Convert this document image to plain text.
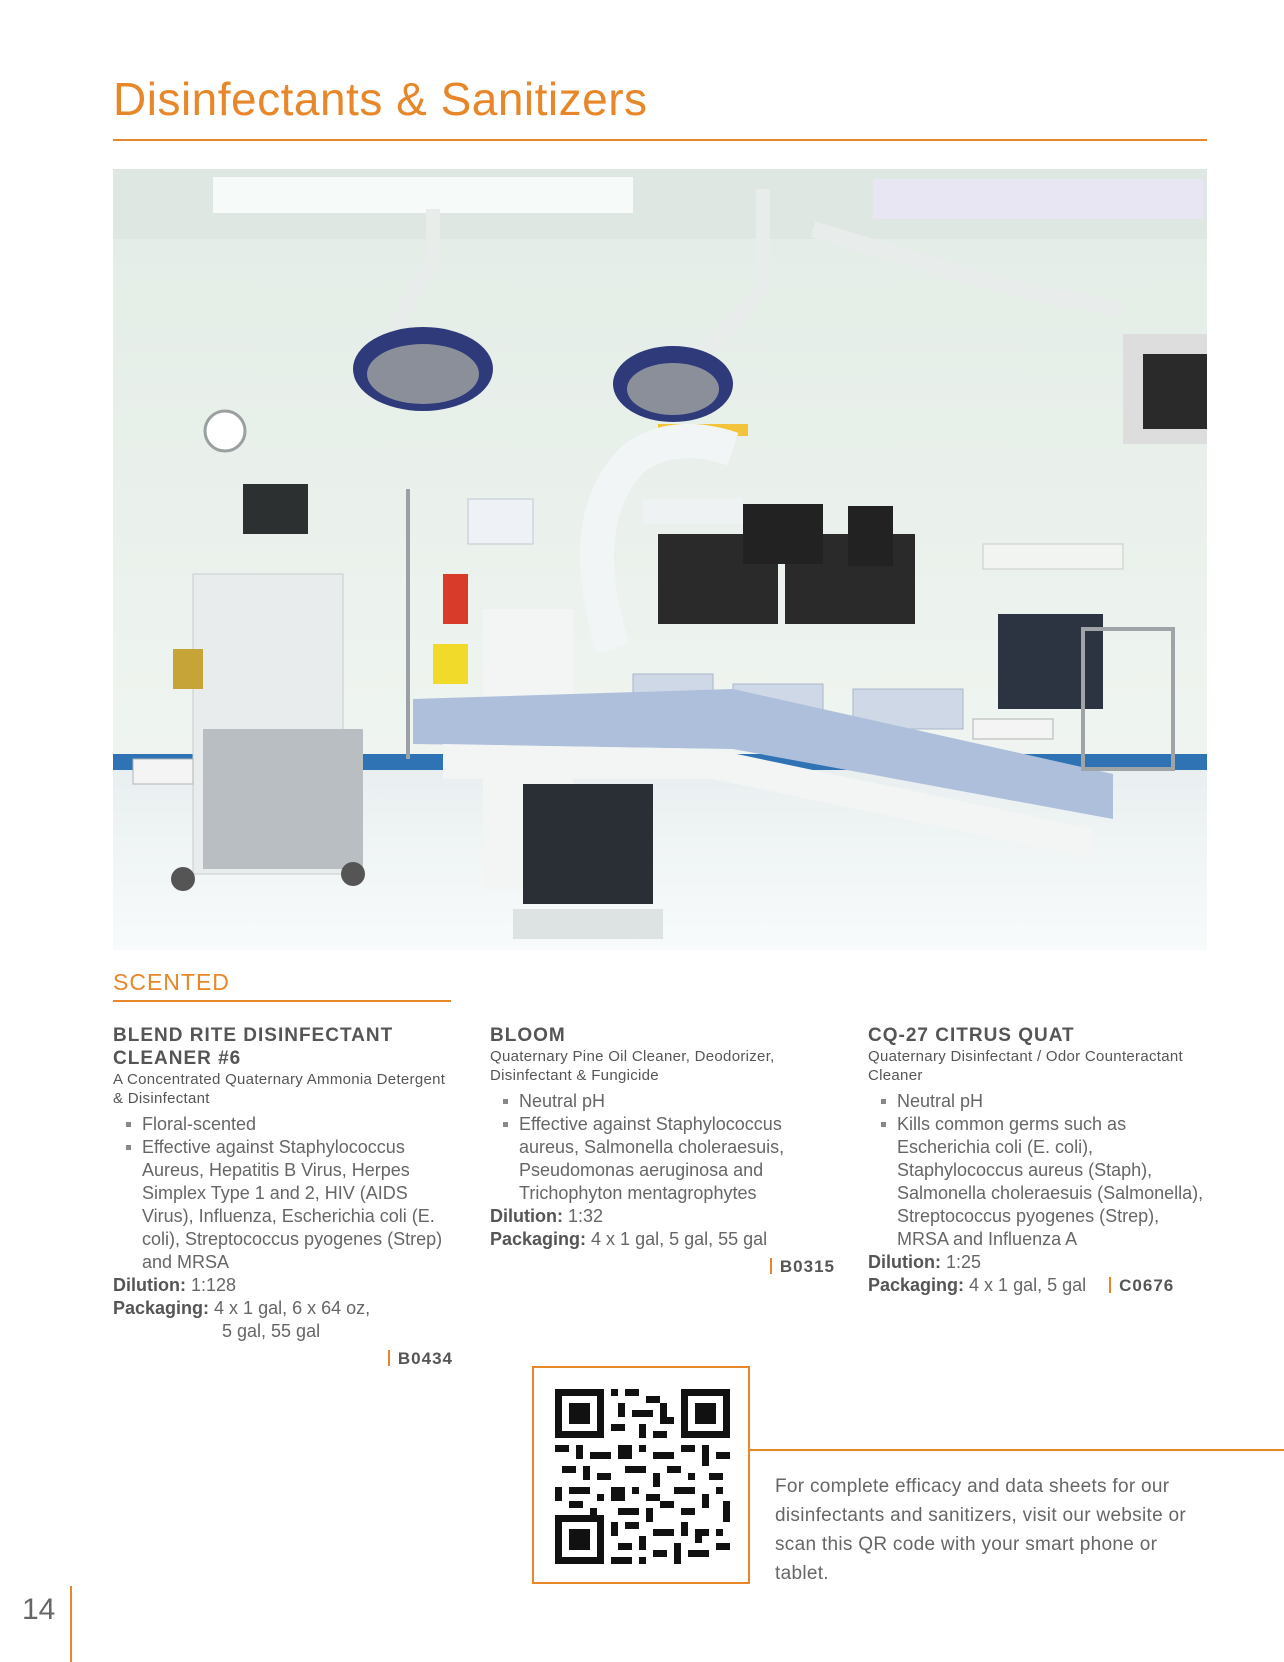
Disinfectants & Sanitizers
SCENTED
BLEND RITE DISINFECTANT CLEANER #6

A Concentrated Quaternary Ammonia Detergent & Disinfectant

Floral-scented
Effective against Staphylococcus Aureus, Hepatitis B Virus, Herpes Simplex Type 1 and 2, HIV (AIDS Virus), Influenza, Escherichia coli (E. coli), Streptococcus pyogenes (Strep) and MRSA

Dilution: 1:128

Packaging: 4 x 1 gal, 6 x 64 oz,

5 gal, 55 gal

B0434
BLOOM

Quaternary Pine Oil Cleaner, Deodorizer, Disinfectant & Fungicide

Neutral pH
Effective against Staphylococcus aureus, Salmonella choleraesuis, Pseudomonas aeruginosa and Trichophyton mentagrophytes

Dilution: 1:32

Packaging: 4 x 1 gal, 5 gal, 55 gal

B0315
CQ-27 CITRUS QUAT

Quaternary Disinfectant / Odor Counteractant Cleaner

Neutral pH
Kills common germs such as Escherichia coli (E. coli), Staphylococcus aureus (Staph), Salmonella choleraesuis (Salmonella), Streptococcus pyogenes (Strep), MRSA and Influenza A

Dilution: 1:25

Packaging: 4 x 1 gal, 5 gal C0676

For complete efficacy and data sheets for our disinfectants and sanitizers, visit our website or scan this QR code with your smart phone or tablet.

14
